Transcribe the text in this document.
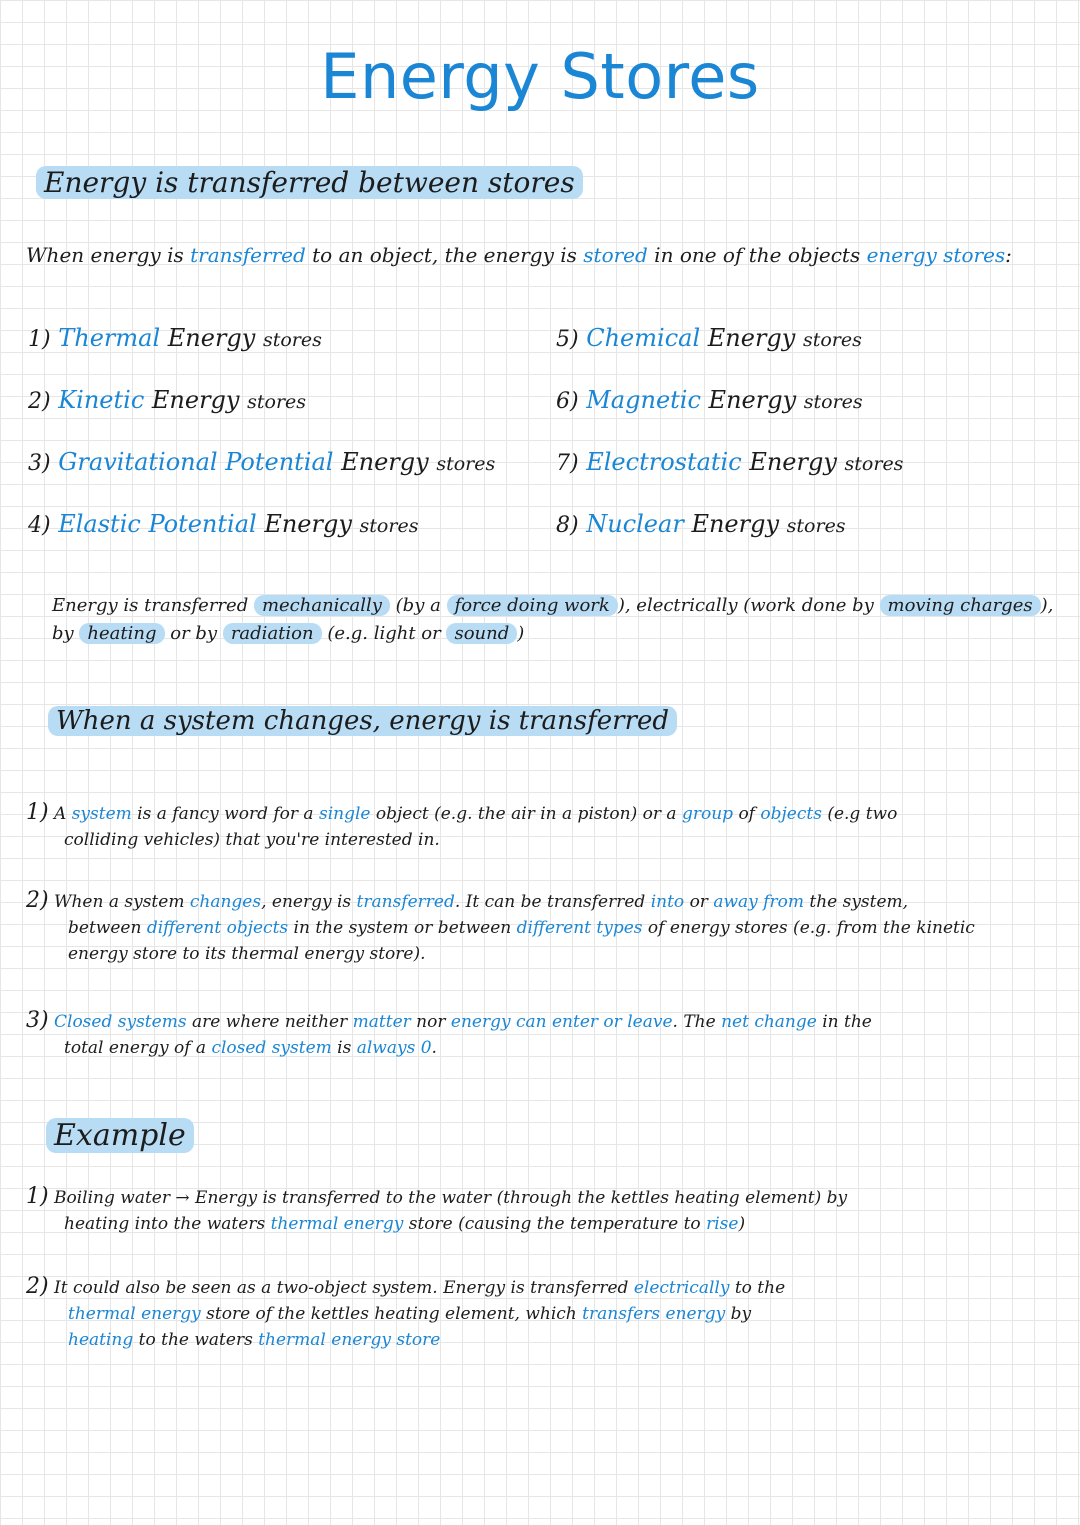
Energy Stores
Energy is transferred between stores
When energy is transferred to an object, the energy is stored in one of the objects energy stores:
1) Thermal Energy stores
2) Kinetic Energy stores
3) Gravitational Potential Energy stores
4) Elastic Potential Energy stores
5) Chemical Energy stores
6) Magnetic Energy stores
7) Electrostatic Energy stores
8) Nuclear Energy stores
Energy is transferred mechanically (by a force doing work ), electrically (work done by moving charges ),
by heating or by radiation (e.g. light or sound )
When a system changes, energy is transferred
1) A system is a fancy word for a single object (e.g. the air in a piston) or a group of objects (e.g two
colliding vehicles) that you're interested in.
2) When a system changes, energy is transferred. It can be transferred into or away from the system,
between different objects in the system or between different types of energy stores (e.g. from the kinetic
energy store to its thermal energy store).
3) Closed systems are where neither matter nor energy can enter or leave. The net change in the
total energy of a closed system is always 0.
Example
1) Boiling water → Energy is transferred to the water (through the kettles heating element) by
heating into the waters thermal energy store (causing the temperature to rise)
2) It could also be seen as a two-object system. Energy is transferred electrically to the
thermal energy store of the kettles heating element, which transfers energy by
heating to the waters thermal energy store
